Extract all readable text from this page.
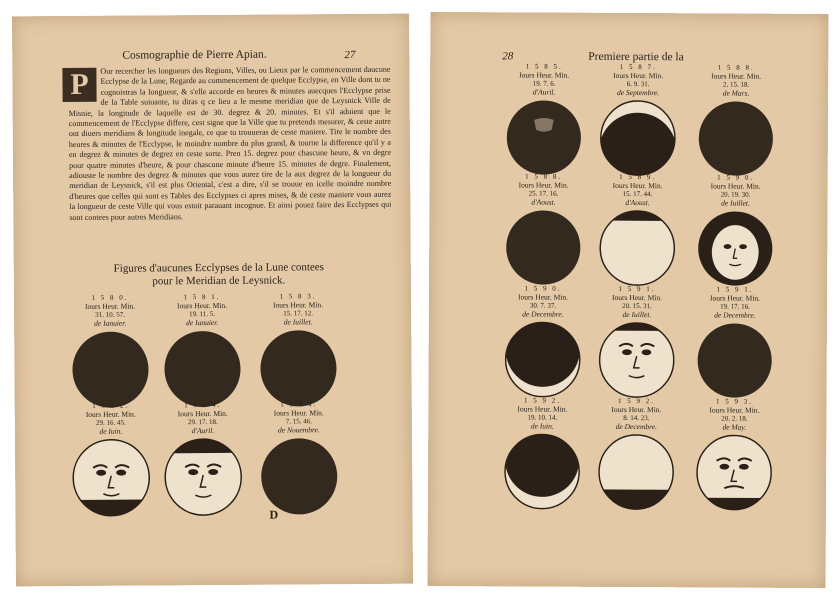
Cosmographie de Pierre Apian.	27
P	Our recercher les longueurs des Regions, Villes, ou Lieux par le commencement daucune Ecclypse de la Lune, Regarde au commencement de quelque Ecclypse, en Ville dont tu ne cognoistras la longueur, & s'elle accorde en heures & minutes auecques l'Ecclypse prise de la Table suiuante, tu diras q ce lieu a le mesme meridian que de Leysnick Ville de Misnie, la longitude de laquelle est de 30. degrez & 20. minutes. Et s'il aduient que le commencement de l'Ecclypse differe, cest signe que la Ville que tu pretends mesurer, & ceste autre ont diuers meridians & longitude inegale, ce que tu trouueras de ceste maniere. Tire le nombre des heures & minutes de l'Ecclypse, le moindre nombre du plus grand, & tourne la difference qu'il y a en degrez & minutes de degrez en ceste sorte. Pren 15. degrez pour chascune heure, & vn degre pour quatre minutes d'heure, & pour chascune minute d'heure 15. minutes de degre. Finalement, adiouste le nombre des degrez & minutes que vous aurez tire de la aux degrez de la longueur du meridian de Leysnick, s'il est plus Oriental, c'est a dire, s'il se trouue en icelle moindre nombre d'heures que celles qui sont es Tables des Ecclypses ci apres mises, & de ceste maniere vous aurez la longueur de ceste Ville qui vous estoit parauant incognue. Et ainsi pouez faire des Ecclypses qui sont contees pour autres Meridians.
Figures d'aucunes Ecclypses de la Lune contees
pour le Meridian de Leysnick.
1 5 8 0.
Iours Heur. Min.
31. 10. 57.
de Ianuier.
1 5 8 1.
Iours Heur. Min.
19. 11. 5.
de Ianuier.
1 5 8 3.
Iours Heur. Min.
15. 17. 12.
de Iuillet.
1 5 8 2.
Iours Heur. Min.
29. 16. 45.
de Iuin.
1 5 8 4.
Iours Heur. Min.
29. 17. 18.
d'Auril.
1 5 8 4.
Iours Heur. Min.
7. 15. 46.
de Nouembre.
D
28	Premiere partie de la
1 5 8 5.
Iours Heur. Min.
19. 7. 6.
d'Auril.
1 5 8 7.
Iours Heur. Min.
6. 9. 31.
de Septembre.
1 5 8 8.
Iours Heur. Min.
2. 15. 18.
de Mars.
1 5 8 8.
Iours Heur. Min.
25. 17. 16.
d'Aoust.
1 5 8 9.
Iours Heur. Min.
15. 17. 44.
d'Aoust.
1 5 9 0.
Iours Heur. Min.
20. 19. 30.
de Iuillet.
1 5 9 0.
Iours Heur. Min.
30. 7. 37.
de Decembre.
1 5 9 1.
Iours Heur. Min.
20. 15. 31.
de Iuillet.
1 5 9 1.
Iours Heur. Min.
19. 17. 16.
de Decembre.
1 5 9 2.
Iours Heur. Min.
19. 10. 14.
de Iuin.
1 5 9 2.
Iours Heur. Min.
8. 14. 23.
de Decembre.
1 5 9 3.
Iours Heur. Min.
20. 2. 18.
de May.
